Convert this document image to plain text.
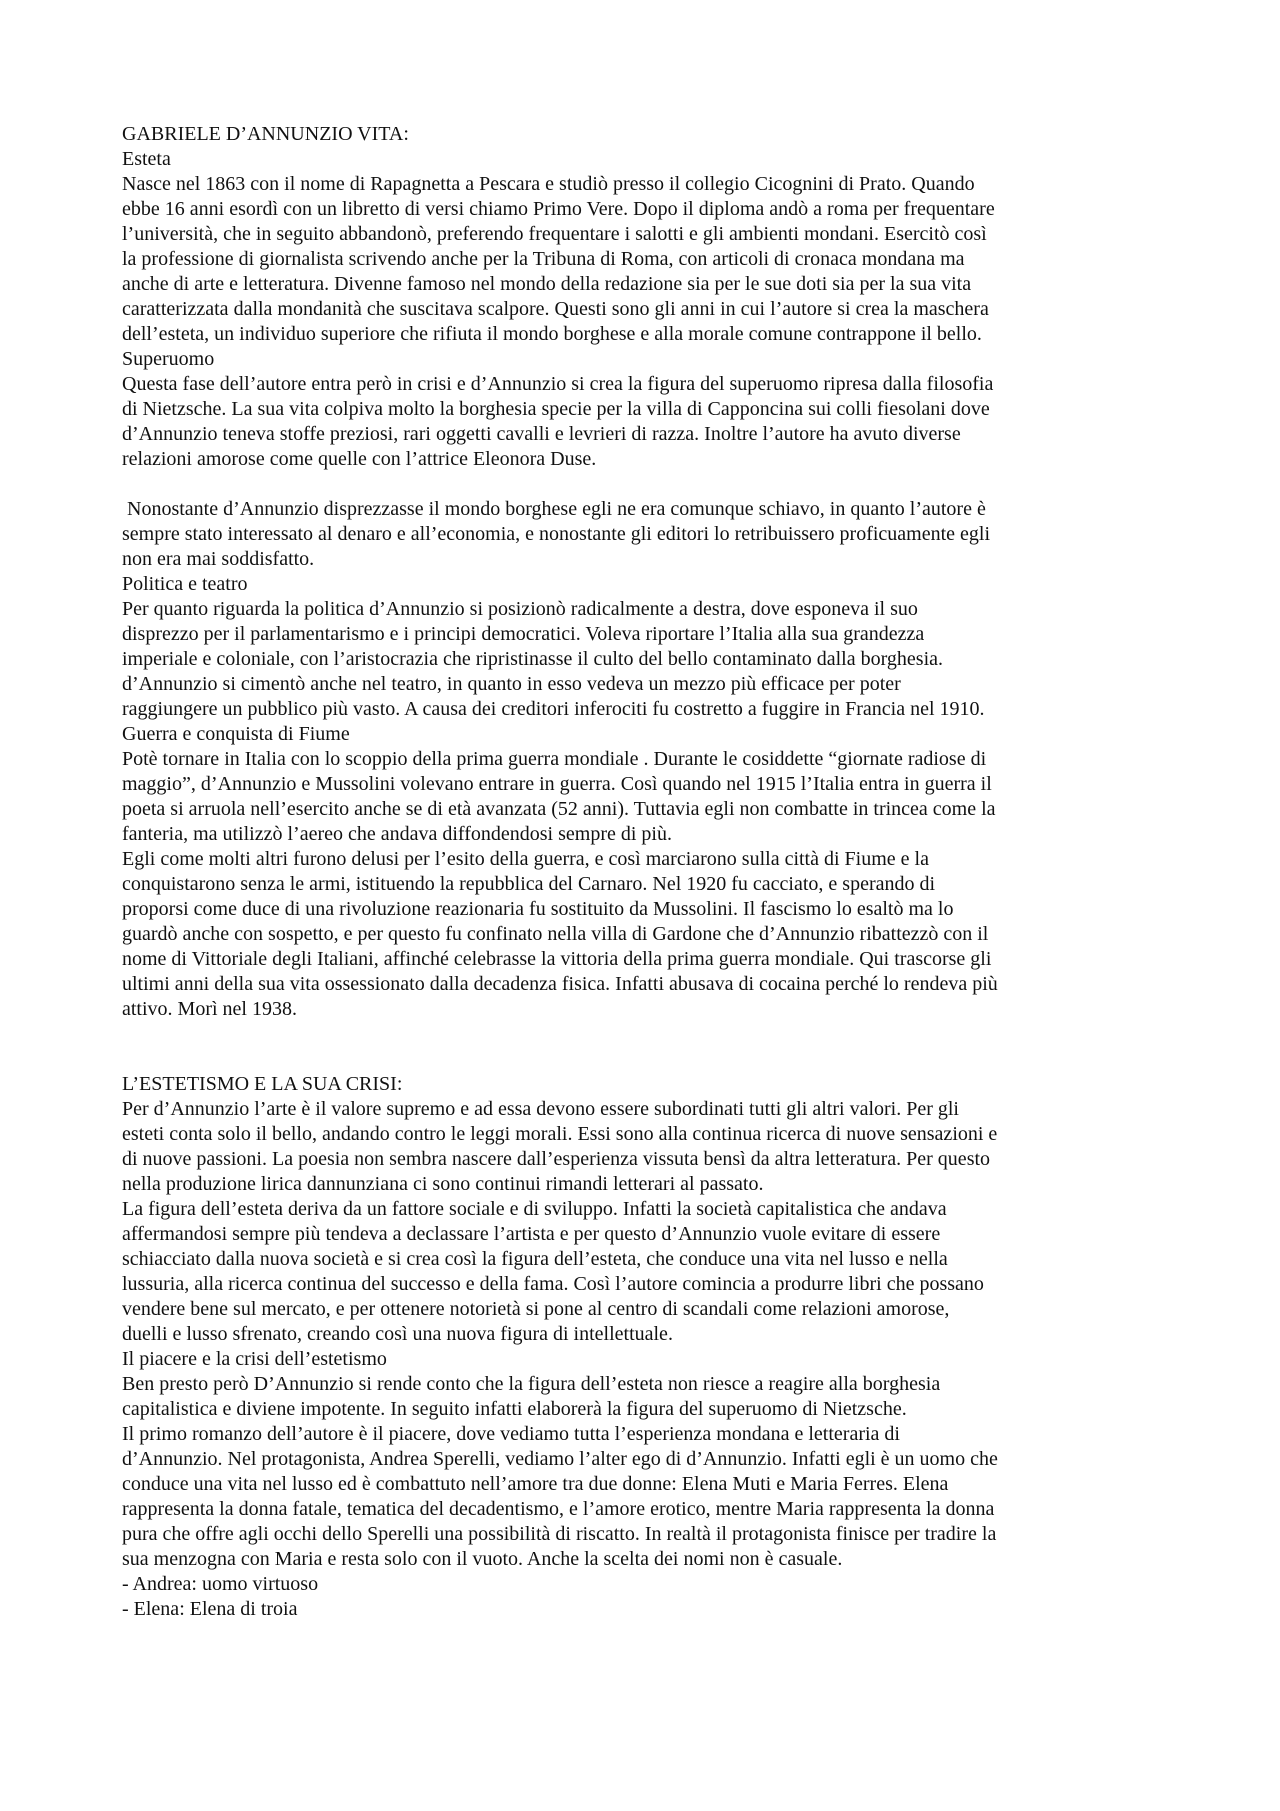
GABRIELE D’ANNUNZIO VITA:
Esteta
Nasce nel 1863 con il nome di Rapagnetta a Pescara e studiò presso il collegio Cicognini di Prato. Quando
ebbe 16 anni esordì con un libretto di versi chiamo Primo Vere. Dopo il diploma andò a roma per frequentare
l’università, che in seguito abbandonò, preferendo frequentare i salotti e gli ambienti mondani. Esercitò così
la professione di giornalista scrivendo anche per la Tribuna di Roma, con articoli di cronaca mondana ma
anche di arte e letteratura. Divenne famoso nel mondo della redazione sia per le sue doti sia per la sua vita
caratterizzata dalla mondanità che suscitava scalpore. Questi sono gli anni in cui l’autore si crea la maschera
dell’esteta, un individuo superiore che rifiuta il mondo borghese e alla morale comune contrappone il bello.
Superuomo
Questa fase dell’autore entra però in crisi e d’Annunzio si crea la figura del superuomo ripresa dalla filosofia
di Nietzsche. La sua vita colpiva molto la borghesia specie per la villa di Capponcina sui colli fiesolani dove
d’Annunzio teneva stoffe preziosi, rari oggetti cavalli e levrieri di razza. Inoltre l’autore ha avuto diverse
relazioni amorose come quelle con l’attrice Eleonora Duse.
Nonostante d’Annunzio disprezzasse il mondo borghese egli ne era comunque schiavo, in quanto l’autore è
sempre stato interessato al denaro e all’economia, e nonostante gli editori lo retribuissero proficuamente egli
non era mai soddisfatto.
Politica e teatro
Per quanto riguarda la politica d’Annunzio si posizionò radicalmente a destra, dove esponeva il suo
disprezzo per il parlamentarismo e i principi democratici. Voleva riportare l’Italia alla sua grandezza
imperiale e coloniale, con l’aristocrazia che ripristinasse il culto del bello contaminato dalla borghesia.
d’Annunzio si cimentò anche nel teatro, in quanto in esso vedeva un mezzo più efficace per poter
raggiungere un pubblico più vasto. A causa dei creditori inferociti fu costretto a fuggire in Francia nel 1910.
Guerra e conquista di Fiume
Potè tornare in Italia con lo scoppio della prima guerra mondiale . Durante le cosiddette “giornate radiose di
maggio”, d’Annunzio e Mussolini volevano entrare in guerra. Così quando nel 1915 l’Italia entra in guerra il
poeta si arruola nell’esercito anche se di età avanzata (52 anni). Tuttavia egli non combatte in trincea come la
fanteria, ma utilizzò l’aereo che andava diffondendosi sempre di più.
Egli come molti altri furono delusi per l’esito della guerra, e così marciarono sulla città di Fiume e la
conquistarono senza le armi, istituendo la repubblica del Carnaro. Nel 1920 fu cacciato, e sperando di
proporsi come duce di una rivoluzione reazionaria fu sostituito da Mussolini. Il fascismo lo esaltò ma lo
guardò anche con sospetto, e per questo fu confinato nella villa di Gardone che d’Annunzio ribattezzò con il
nome di Vittoriale degli Italiani, affinché celebrasse la vittoria della prima guerra mondiale. Qui trascorse gli
ultimi anni della sua vita ossessionato dalla decadenza fisica. Infatti abusava di cocaina perché lo rendeva più
attivo. Morì nel 1938.
L’ESTETISMO E LA SUA CRISI:
Per d’Annunzio l’arte è il valore supremo e ad essa devono essere subordinati tutti gli altri valori. Per gli
esteti conta solo il bello, andando contro le leggi morali. Essi sono alla continua ricerca di nuove sensazioni e
di nuove passioni. La poesia non sembra nascere dall’esperienza vissuta bensì da altra letteratura. Per questo
nella produzione lirica dannunziana ci sono continui rimandi letterari al passato.
La figura dell’esteta deriva da un fattore sociale e di sviluppo. Infatti la società capitalistica che andava
affermandosi sempre più tendeva a declassare l’artista e per questo d’Annunzio vuole evitare di essere
schiacciato dalla nuova società e si crea così la figura dell’esteta, che conduce una vita nel lusso e nella
lussuria, alla ricerca continua del successo e della fama. Così l’autore comincia a produrre libri che possano
vendere bene sul mercato, e per ottenere notorietà si pone al centro di scandali come relazioni amorose,
duelli e lusso sfrenato, creando così una nuova figura di intellettuale.
Il piacere e la crisi dell’estetismo
Ben presto però D’Annunzio si rende conto che la figura dell’esteta non riesce a reagire alla borghesia
capitalistica e diviene impotente. In seguito infatti elaborerà la figura del superuomo di Nietzsche.
Il primo romanzo dell’autore è il piacere, dove vediamo tutta l’esperienza mondana e letteraria di
d’Annunzio. Nel protagonista, Andrea Sperelli, vediamo l’alter ego di d’Annunzio. Infatti egli è un uomo che
conduce una vita nel lusso ed è combattuto nell’amore tra due donne: Elena Muti e Maria Ferres. Elena
rappresenta la donna fatale, tematica del decadentismo, e l’amore erotico, mentre Maria rappresenta la donna
pura che offre agli occhi dello Sperelli una possibilità di riscatto. In realtà il protagonista finisce per tradire la
sua menzogna con Maria e resta solo con il vuoto. Anche la scelta dei nomi non è casuale.
- Andrea: uomo virtuoso
- Elena: Elena di troia
